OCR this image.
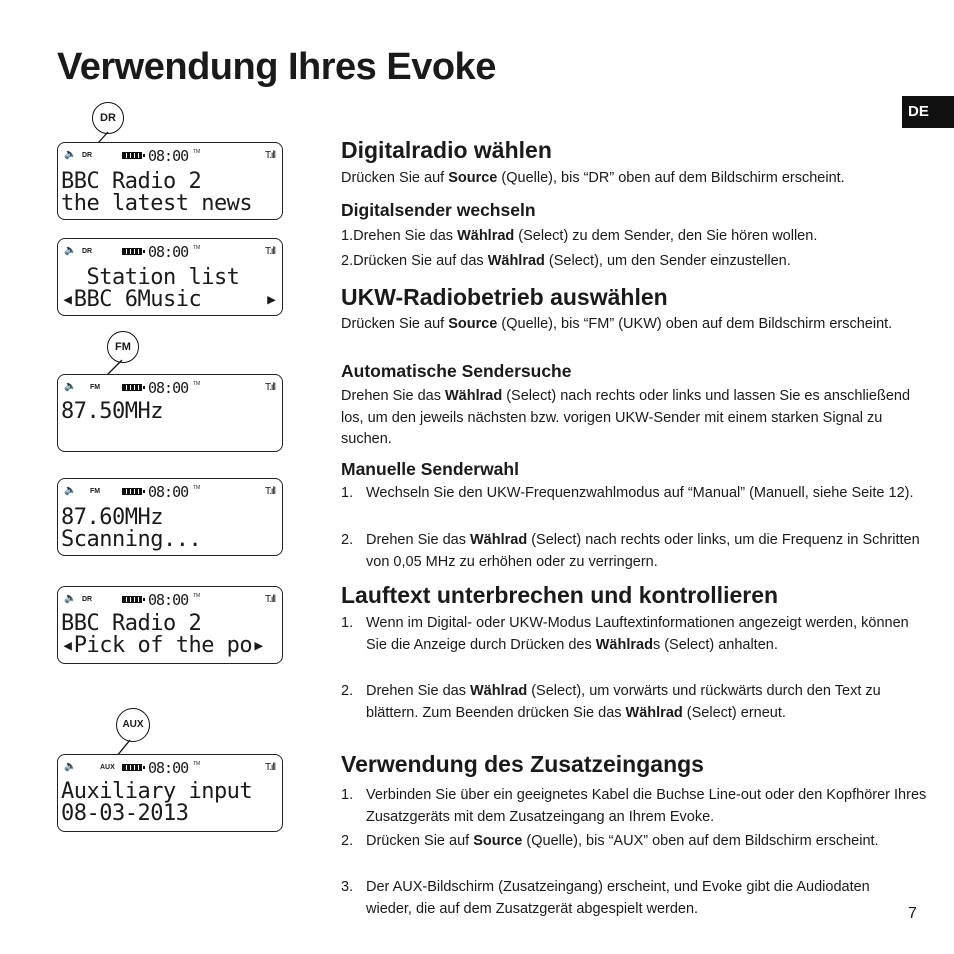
Verwendung Ihres Evoke
DE
DR
🔈 DR	08:00 TM	T.ıll
BBC Radio 2
the latest news
🔈 DR	08:00 TM	T.ıll
Station list
◂BBC 6Music     ▸
FM
🔈 FM	08:00 TM	T.ıll
87.50MHz
🔈 FM	08:00 TM	T.ıll
87.60MHz
Scanning...
🔈 DR	08:00 TM	T.ıll
BBC Radio 2
◂Pick of the po▸
AUX
🔈	AUX 08:00 TM	T.ıll
Auxiliary input
08-03-2013
Digitalradio wählen

Drücken Sie auf Source (Quelle), bis “DR” oben auf dem Bildschirm erscheint.

Digitalsender wechseln

1.Drehen Sie das Wählrad (Select) zu dem Sender, den Sie hören wollen.

2.Drücken Sie auf das Wählrad (Select), um den Sender einzustellen.

UKW-Radiobetrieb auswählen

Drücken Sie auf Source (Quelle), bis “FM” (UKW) oben auf dem Bildschirm erscheint.

Automatische Sendersuche

Drehen Sie das Wählrad (Select) nach rechts oder links und lassen Sie es anschließend los, um den jeweils nächsten bzw. vorigen UKW-Sender mit einem starken Signal zu suchen.

Manuelle Senderwahl
1. Wechseln Sie den UKW-Frequenzwahlmodus auf “Manual” (Manuell, siehe Seite 12).
2. Drehen Sie das Wählrad (Select) nach rechts oder links, um die Frequenz in Schritten von 0,05 MHz zu erhöhen oder zu verringern.
Lauftext unterbrechen und kontrollieren
1. Wenn im Digital- oder UKW-Modus Lauftextinformationen angezeigt werden, können Sie die Anzeige durch Drücken des Wählrads (Select) anhalten.
2. Drehen Sie das Wählrad (Select), um vorwärts und rückwärts durch den Text zu blättern. Zum Beenden drücken Sie das Wählrad (Select) erneut.
Verwendung des Zusatzeingangs
1. Verbinden Sie über ein geeignetes Kabel die Buchse Line-out oder den Kopfhörer Ihres Zusatzgeräts mit dem Zusatzeingang an Ihrem Evoke.
2. Drücken Sie auf Source (Quelle), bis “AUX” oben auf dem Bildschirm erscheint.
3. Der AUX-Bildschirm (Zusatzeingang) erscheint, und Evoke gibt die Audiodaten wieder, die auf dem Zusatzgerät abgespielt werden.	7
